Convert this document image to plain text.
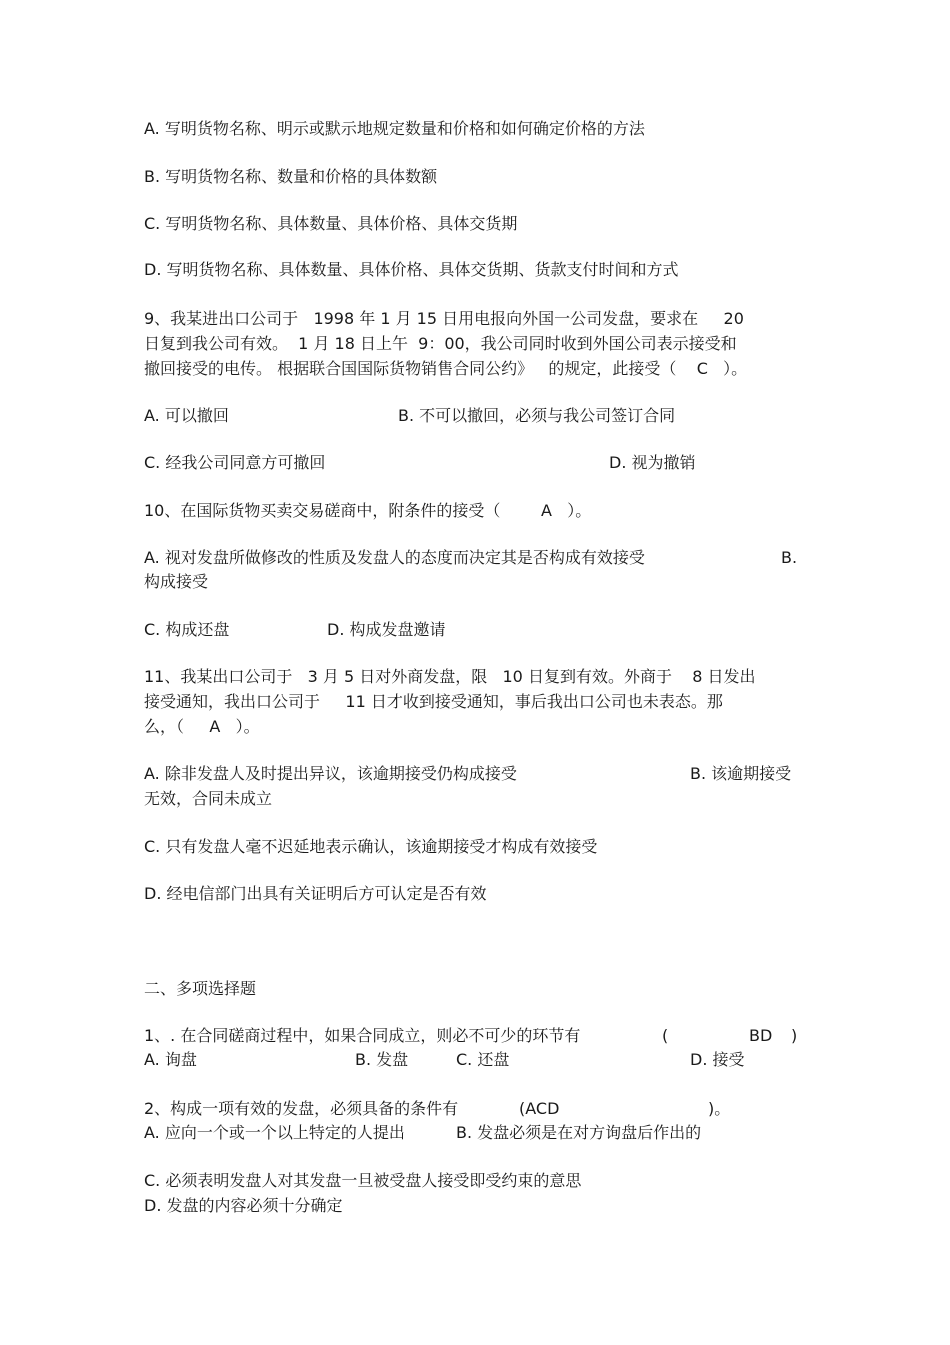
A. 写明货物名称、明示或默示地规定数量和价格和如何确定价格的方法

B. 写明货物名称、数量和价格的具体数额

C. 写明货物名称、具体数量、具体价格、具体交货期

D. 写明货物名称、具体数量、具体价格、具体交货期、货款支付时间和方式

9、我某进出口公司于   1998 年 1 月 15 日用电报向外国一公司发盘，要求在     20

日复到我公司有效。  1 月 18 日上午  9：00，我公司同时收到外国公司表示接受和

撤回接受的电传。 根据联合国国际货物销售合同公约》   的规定，此接受（    C   ）。

A. 可以撤回	B. 不可以撤回，必须与我公司签订合同

C. 经我公司同意方可撤回	D. 视为撤销

10、在国际货物买卖交易磋商中，附条件的接受（        A   ）。

A. 视对发盘所做修改的性质及发盘人的态度而决定其是否构成有效接受	B.

构成接受

C. 构成还盘	D. 构成发盘邀请

11、我某出口公司于   3 月 5 日对外商发盘，限   10 日复到有效。外商于    8 日发出

接受通知，我出口公司于     11 日才收到接受通知，事后我出口公司也未表态。那

么，（     A   ）。

A. 除非发盘人及时提出异议，该逾期接受仍构成接受	B. 该逾期接受

无效，合同未成立

C. 只有发盘人毫不迟延地表示确认，该逾期接受才构成有效接受

D. 经电信部门出具有关证明后方可认定是否有效

二、多项选择题

1、. 在合同磋商过程中，如果合同成立，则必不可少的环节有	(	BD )

A. 询盘	B. 发盘	C. 还盘	D. 接受

2、构成一项有效的发盘，必须具备的条件有	(ACD	)。

A. 应向一个或一个以上特定的人提出	B. 发盘必须是在对方询盘后作出的

C. 必须表明发盘人对其发盘一旦被受盘人接受即受约束的意思

D. 发盘的内容必须十分确定
